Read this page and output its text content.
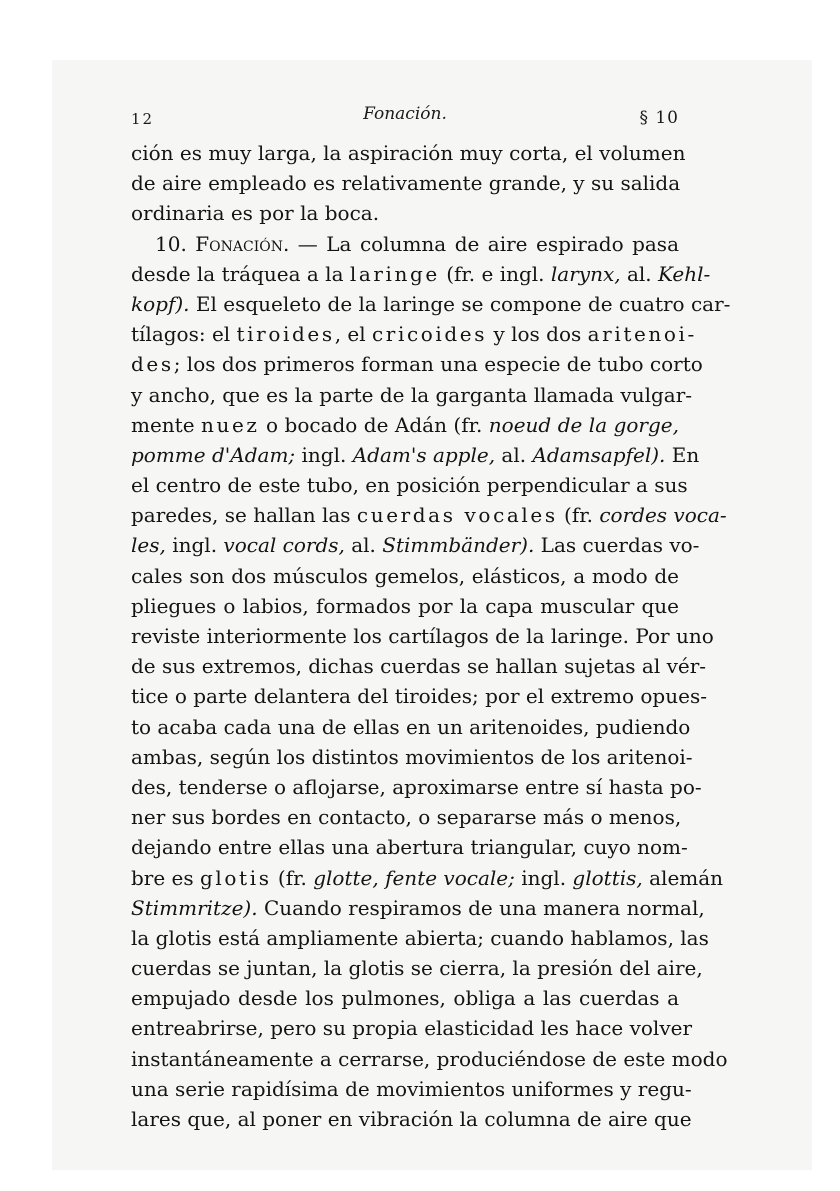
12	Fonación.	§ 10
ción es muy larga, la aspiración muy corta, el volumen
de aire empleado es relativamente grande, y su salida
ordinaria es por la boca.
10. Fonación. — La columna de aire espirado pasa
desde la tráquea a la laringe (fr. e ingl. larynx, al. Kehl-
kopf). El esqueleto de la laringe se compone de cuatro car-
tílagos: el tiroides, el cricoides y los dos aritenoi-
des; los dos primeros forman una especie de tubo corto
y ancho, que es la parte de la garganta llamada vulgar-
mente nuez o bocado de Adán (fr. noeud de la gorge,
pomme d'Adam; ingl. Adam's apple, al. Adamsapfel). En
el centro de este tubo, en posición perpendicular a sus
paredes, se hallan las cuerdas vocales (fr. cordes voca-
les, ingl. vocal cords, al. Stimmbänder). Las cuerdas vo-
cales son dos músculos gemelos, elásticos, a modo de
pliegues o labios, formados por la capa muscular que
reviste interiormente los cartílagos de la laringe. Por uno
de sus extremos, dichas cuerdas se hallan sujetas al vér-
tice o parte delantera del tiroides; por el extremo opues-
to acaba cada una de ellas en un aritenoides, pudiendo
ambas, según los distintos movimientos de los aritenoi-
des, tenderse o aflojarse, aproximarse entre sí hasta po-
ner sus bordes en contacto, o separarse más o menos,
dejando entre ellas una abertura triangular, cuyo nom-
bre es glotis (fr. glotte, fente vocale; ingl. glottis, alemán
Stimmritze). Cuando respiramos de una manera normal,
la glotis está ampliamente abierta; cuando hablamos, las
cuerdas se juntan, la glotis se cierra, la presión del aire,
empujado desde los pulmones, obliga a las cuerdas a
entreabrirse, pero su propia elasticidad les hace volver
instantáneamente a cerrarse, produciéndose de este modo
una serie rapidísima de movimientos uniformes y regu-
lares que, al poner en vibración la columna de aire que
